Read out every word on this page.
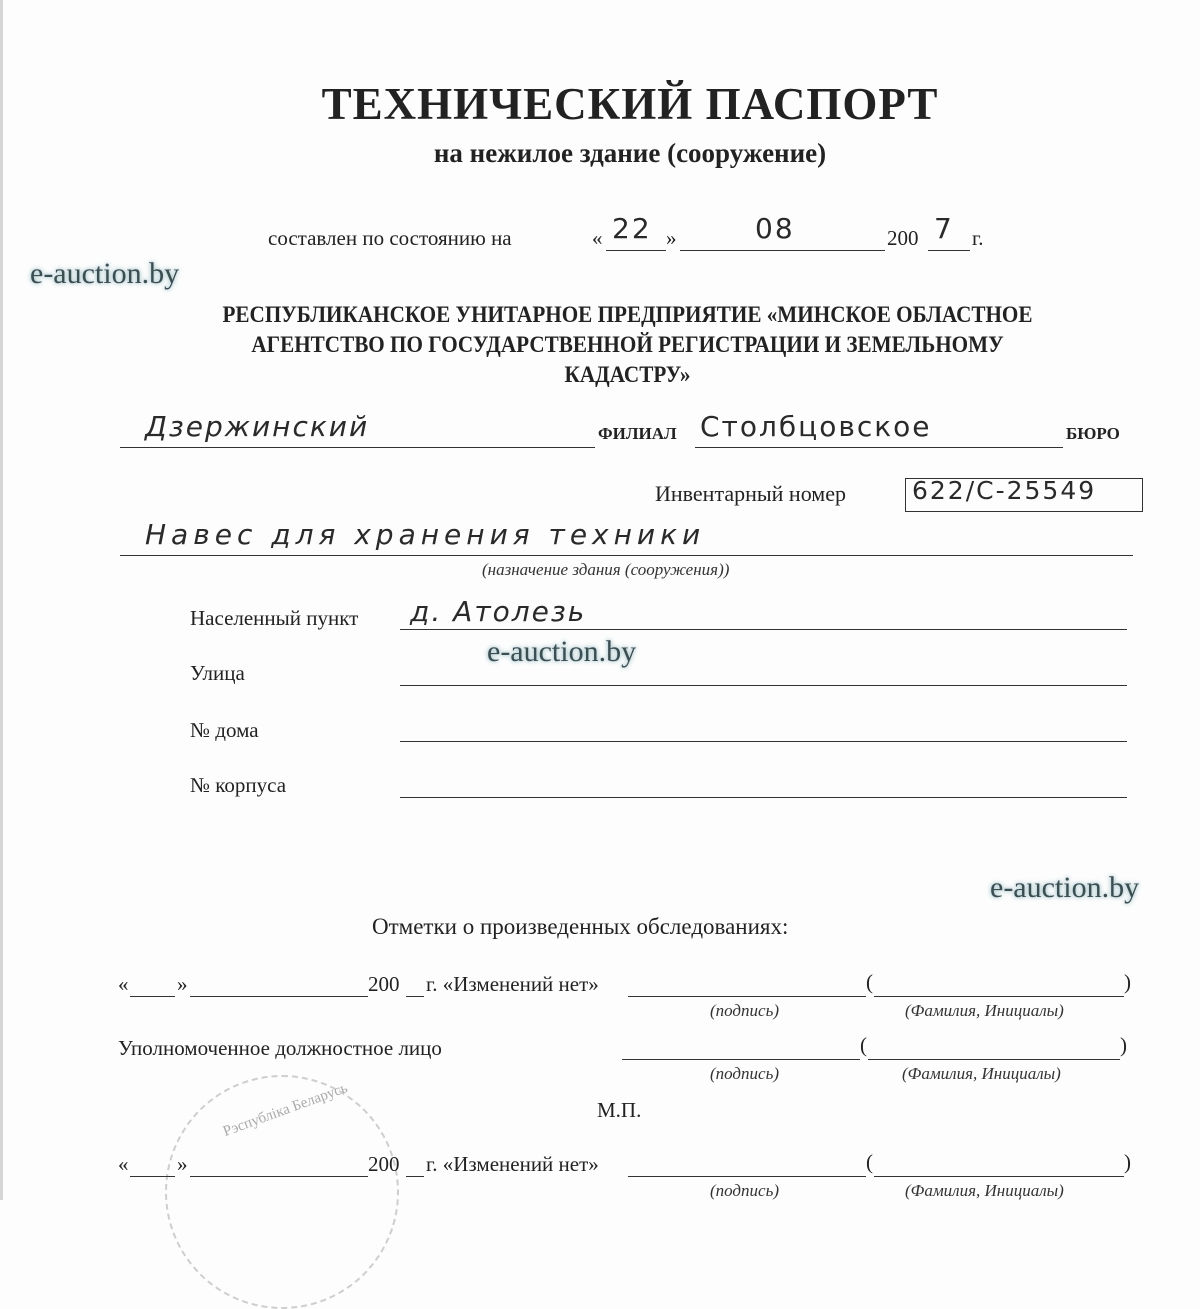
ТЕХНИЧЕСКИЙ ПАСПОРТ
на нежилое здание (сооружение)
составлен по состоянию на	« 22 »	08	200 7 г.
РЕСПУБЛИКАНСКОЕ УНИТАРНОЕ ПРЕДПРИЯТИЕ «МИНСКОЕ ОБЛАСТНОЕ
АГЕНТСТВО ПО ГОСУДАРСТВЕННОЙ РЕГИСТРАЦИИ И ЗЕМЕЛЬНОМУ
КАДАСТРУ»
Дзержинский	ФИЛИАЛ Столбцовское	БЮРО
Инвентарный номер	622/С-25549
Навес для хранения техники
(назначение здания (сооружения))
Населенный пункт д. Атолезь
Улица
№ дома
№ корпуса
Отметки о произведенных обследованиях:
« »	200 г. «Изменений нет»	(	)
(подпись)	(Фамилия, Инициалы)
Уполномоченное должностное лицо	(	)
(подпись)	(Фамилия, Инициалы)
М.П.
Рэспубліка Беларусь
« »	200 г. «Изменений нет»	(	)
(подпись)	(Фамилия, Инициалы)
e-auction.by
e-auction.by
e-auction.by
